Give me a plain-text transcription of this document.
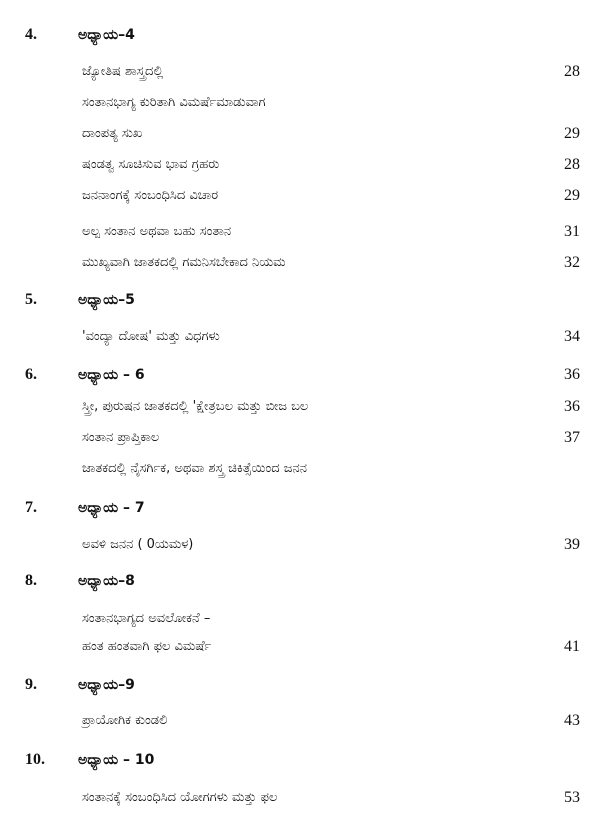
4.	ಅಧ್ಯಾಯ–4
ಜ್ಯೋತಿಷ ಶಾಸ್ತ್ರದಲ್ಲಿ	28
ಸಂತಾನಭಾಗ್ಯ ಕುರಿತಾಗಿ ವಿಮರ್ಷೆಮಾಡುವಾಗ
ದಾಂಪತ್ಯ ಸುಖ	29
ಷಂಡತ್ವ ಸೂಚಿಸುವ ಭಾವ ಗ್ರಹರು	28
ಜನನಾಂಗಕ್ಕೆ ಸಂಬಂಧಿಸಿದ ವಿಚಾರ	29
ಅಲ್ಪ ಸಂತಾನ ಅಥವಾ ಬಹು ಸಂತಾನ	31
ಮುಖ್ಯವಾಗಿ ಜಾತಕದಲ್ಲಿ ಗಮನಿಸಬೇಕಾದ ನಿಯಮ	32
5.	ಅಧ್ಯಾಯ–5
'ವಂದ್ಯಾ ದೋಷ' ಮತ್ತು ವಿಧಗಳು	34
6.	ಅಧ್ಯಾಯ – 6	36
ಸ್ತ್ರೀ, ಪುರುಷನ ಜಾತಕದಲ್ಲಿ 'ಕ್ಷೇತ್ರಬಲ ಮತ್ತು ಬೀಜ ಬಲ	36
ಸಂತಾನ ಪ್ರಾಪ್ತಿಕಾಲ	37
ಜಾತಕದಲ್ಲಿ ನೈಸರ್ಗಿಕ, ಅಥವಾ ಶಸ್ತ್ರ ಚಿಕಿತ್ಸೆಯಿಂದ ಜನನ
7.	ಅಧ್ಯಾಯ – 7
ಅವಳಿ ಜನನ ( 0ಯಮಳ)	39
8.	ಅಧ್ಯಾಯ–8
ಸಂತಾನಭಾಗ್ಯದ ಅವಲೋಕನೆ –
ಹಂತ ಹಂತವಾಗಿ ಫಲ ವಿಮರ್ಷೆ	41
9.	ಅಧ್ಯಾಯ–9
ಪ್ರಾಯೋಗಿಕ ಕುಂಡಲಿ	43
10. ಅಧ್ಯಾಯ – 10
ಸಂತಾನಕ್ಕೆ ಸಂಬಂಧಿಸಿದ ಯೋಗಗಳು ಮತ್ತು ಫಲ	53
